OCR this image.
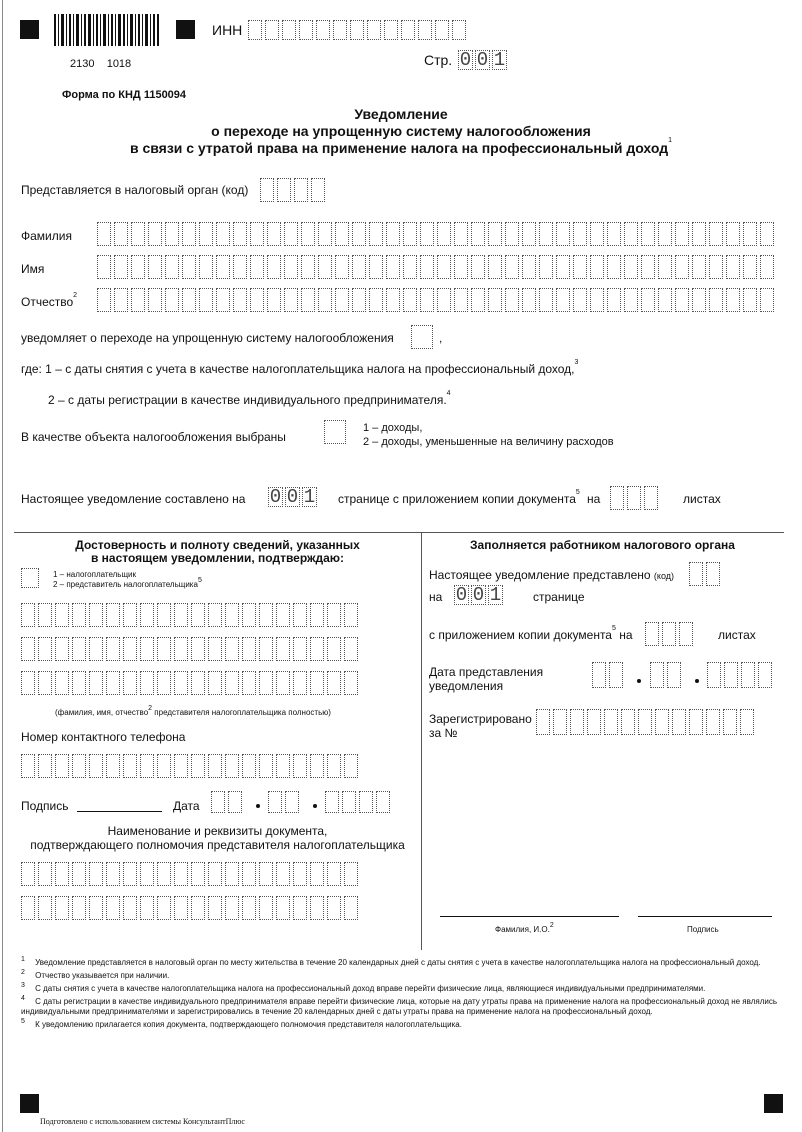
2130    1018
ИНН
Стр. 0 0 1
Форма по КНД 1150094
Уведомление
о переходе на упрощенную систему налогообложения
в связи с утратой права на применение налога на профессиональный доход$^1$
Представляется в налоговый орган (код)
Фамилия
Имя
Отчество$^2$
уведомляет о переходе на упрощенную систему налогообложения	,
где: 1 – с даты снятия с учета в качестве налогоплательщика налога на профессиональный доход,$^3$
2 – с даты регистрации в качестве индивидуального предпринимателя.$^4$
В качестве объекта налогообложения выбраны
1 – доходы,
2 – доходы, уменьшенные на величину расходов
Настоящее уведомление составлено на 0 0 1 странице с приложением копии документа$^5$ на	листах
Достоверность и полноту сведений, указанных
в настоящем уведомлении, подтверждаю:
1 – налогоплательщик
2 – представитель налогоплательщика5
(фамилия, имя, отчество2 представителя налогоплательщика полностью)
Номер контактного телефона
Подпись	Дата
Наименование и реквизиты документа,
подтверждающего полномочия представителя налогоплательщика
Заполняется работником налогового органа
Настоящее уведомление представлено (код)
на 0 0 1	странице
с приложением копии документа$^5$ на	листах
Дата представления
уведомления
Зарегистрировано
за №
Фамилия, И.О.2	Подпись
1 Уведомление представляется в налоговый орган по месту жительства в течение 20 календарных дней с даты снятия с учета в качестве налогоплательщика налога на профессиональный доход.
2 Отчество указывается при наличии.
3 С даты снятия с учета в качестве налогоплательщика налога на профессиональный доход вправе перейти физические лица, являющиеся индивидуальными предпринимателями.
4 С даты регистрации в качестве индивидуального предпринимателя вправе перейти физические лица, которые на дату утраты права на применение налога на профессиональный доход не являлись индивидуальными предпринимателями и зарегистрировались в течение 20 календарных дней с даты утраты права на применение налога на профессиональный доход.
5 К уведомлению прилагается копия документа, подтверждающего полномочия представителя налогоплательщика.
Подготовлено с использованием системы КонсультантПлюс
